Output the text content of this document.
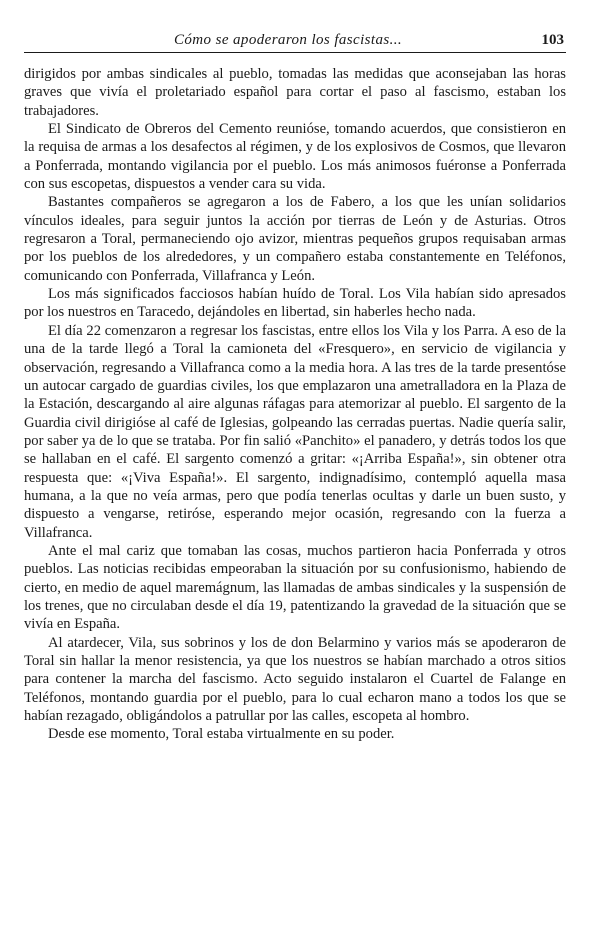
Cómo se apoderaron los fascistas...	103

dirigidos por ambas sindicales al pueblo, tomadas las medidas que aconsejaban las horas graves que vivía el proletariado español para cortar el paso al fascismo, estaban los trabajadores.

El Sindicato de Obreros del Cemento reunióse, tomando acuerdos, que consistieron en la requisa de armas a los desafectos al régimen, y de los explosivos de Cosmos, que llevaron a Ponferrada, montando vigilancia por el pueblo. Los más animosos fuéronse a Ponferrada con sus escopetas, dispuestos a vender cara su vida.

Bastantes compañeros se agregaron a los de Fabero, a los que les unían solidarios vínculos ideales, para seguir juntos la acción por tierras de León y de Asturias. Otros regresaron a Toral, permaneciendo ojo avizor, mientras pequeños grupos requisaban armas por los pueblos de los alrededores, y un compañero estaba constantemente en Teléfonos, comunicando con Ponferrada, Villafranca y León.

Los más significados facciosos habían huído de Toral. Los Vila habían sido apresados por los nuestros en Taracedo, dejándoles en libertad, sin haberles hecho nada.

El día 22 comenzaron a regresar los fascistas, entre ellos los Vila y los Parra. A eso de la una de la tarde llegó a Toral la camioneta del «Fresquero», en servicio de vigilancia y observación, regresando a Villafranca como a la media hora. A las tres de la tarde presentóse un autocar cargado de guardias civiles, los que emplazaron una ametralladora en la Plaza de la Estación, descargando al aire algunas ráfagas para atemorizar al pueblo. El sargento de la Guardia civil dirigióse al café de Iglesias, golpeando las cerradas puertas. Nadie quería salir, por saber ya de lo que se trataba. Por fin salió «Panchito» el panadero, y detrás todos los que se hallaban en el café. El sargento comenzó a gritar: «¡Arriba España!», sin obtener otra respuesta que: «¡Viva España!». El sargento, indignadísimo, contempló aquella masa humana, a la que no veía armas, pero que podía tenerlas ocultas y darle un buen susto, y dispuesto a vengarse, retiróse, esperando mejor ocasión, regresando con la fuerza a Villafranca.

Ante el mal cariz que tomaban las cosas, muchos partieron hacia Ponferrada y otros pueblos. Las noticias recibidas empeoraban la situación por su confusionismo, habiendo de cierto, en medio de aquel maremágnum, las llamadas de ambas sindicales y la suspensión de los trenes, que no circulaban desde el día 19, patentizando la gravedad de la situación que se vivía en España.

Al atardecer, Vila, sus sobrinos y los de don Belarmino y varios más se apoderaron de Toral sin hallar la menor resistencia, ya que los nuestros se habían marchado a otros sitios para contener la marcha del fascismo. Acto seguido instalaron el Cuartel de Falange en Teléfonos, montando guardia por el pueblo, para lo cual echaron mano a todos los que se habían rezagado, obligándolos a patrullar por las calles, escopeta al hombro.

Desde ese momento, Toral estaba virtualmente en su poder.
